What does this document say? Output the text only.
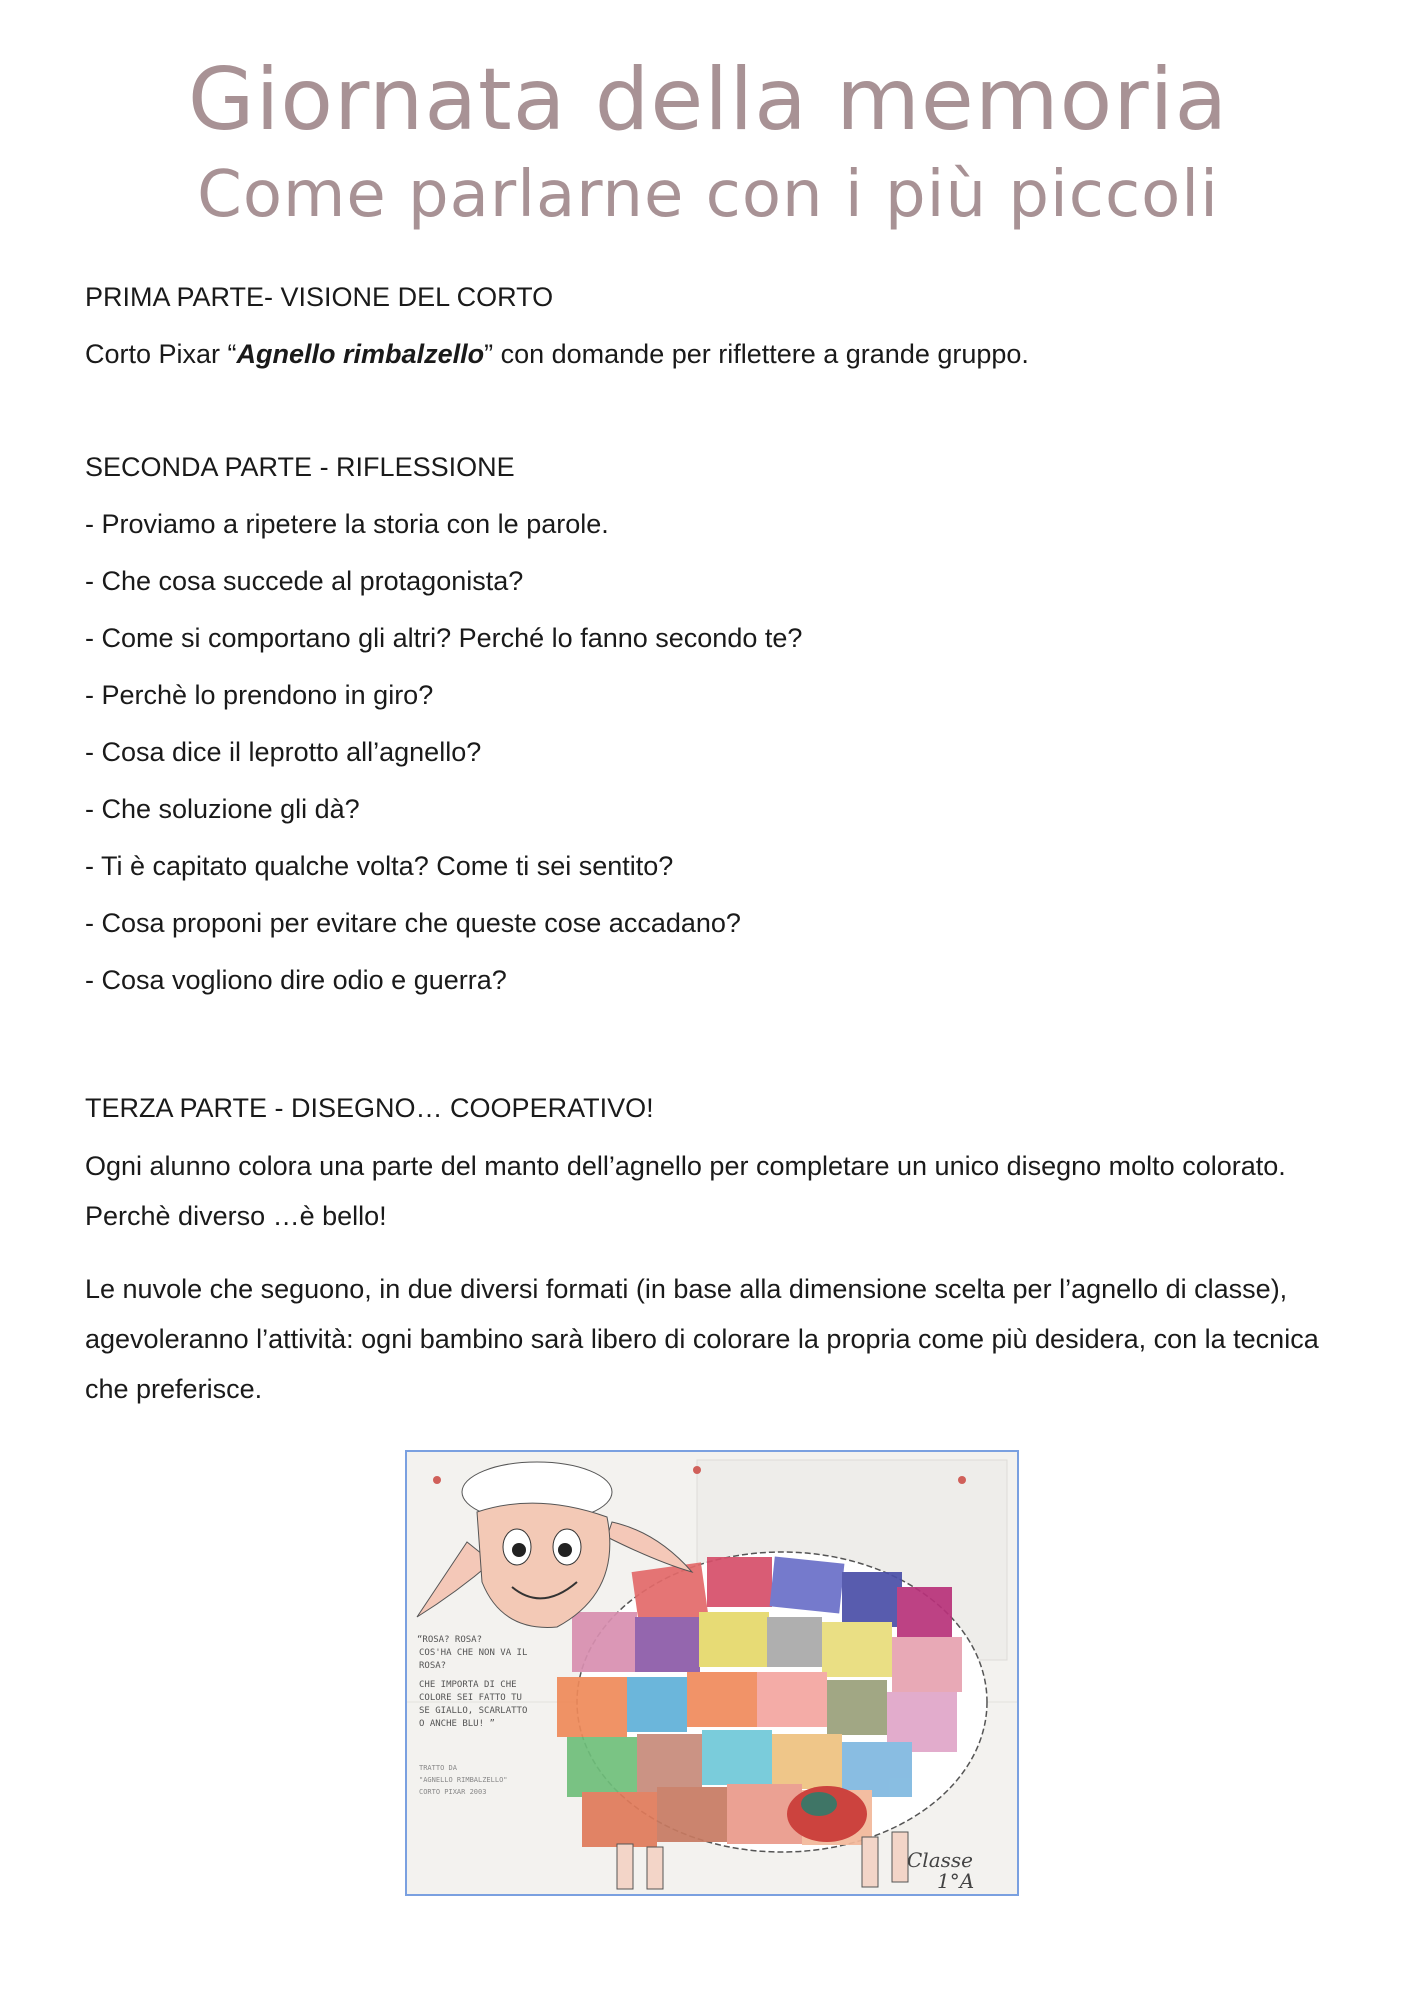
Giornata della memoria
Come parlarne con i più piccoli
PRIMA PARTE- VISIONE DEL CORTO
Corto Pixar “Agnello rimbalzello” con domande per riflettere a grande gruppo.
SECONDA PARTE - RIFLESSIONE
- Proviamo a ripetere la storia con le parole.
- Che cosa succede al protagonista?
- Come si comportano gli altri? Perché lo fanno secondo te?
- Perchè lo prendono in giro?
- Cosa dice il leprotto all’agnello?
- Che soluzione gli dà?
- Ti è capitato qualche volta? Come ti sei sentito?
- Cosa proponi per evitare che queste cose accadano?
- Cosa vogliono dire odio e guerra?
TERZA PARTE - DISEGNO… COOPERATIVO!
Ogni alunno colora una parte del manto dell’agnello per completare un unico disegno molto colorato. Perchè diverso …è bello!
Le nuvole che seguono, in due diversi formati (in base alla dimensione scelta per l’agnello di classe), agevoleranno l’attività: ogni bambino sarà libero di colorare la propria come più desidera, con la tecnica che preferisce.
“ROSA? ROSA?
COS'HA CHE NON VA IL
ROSA?
CHE IMPORTA DI CHE
COLORE SEI FATTO TU
SE GIALLO, SCARLATTO
O ANCHE BLU! ”
TRATTO DA
"AGNELLO RIMBALZELLO"
CORTO PIXAR 2003
Classe
1°A
